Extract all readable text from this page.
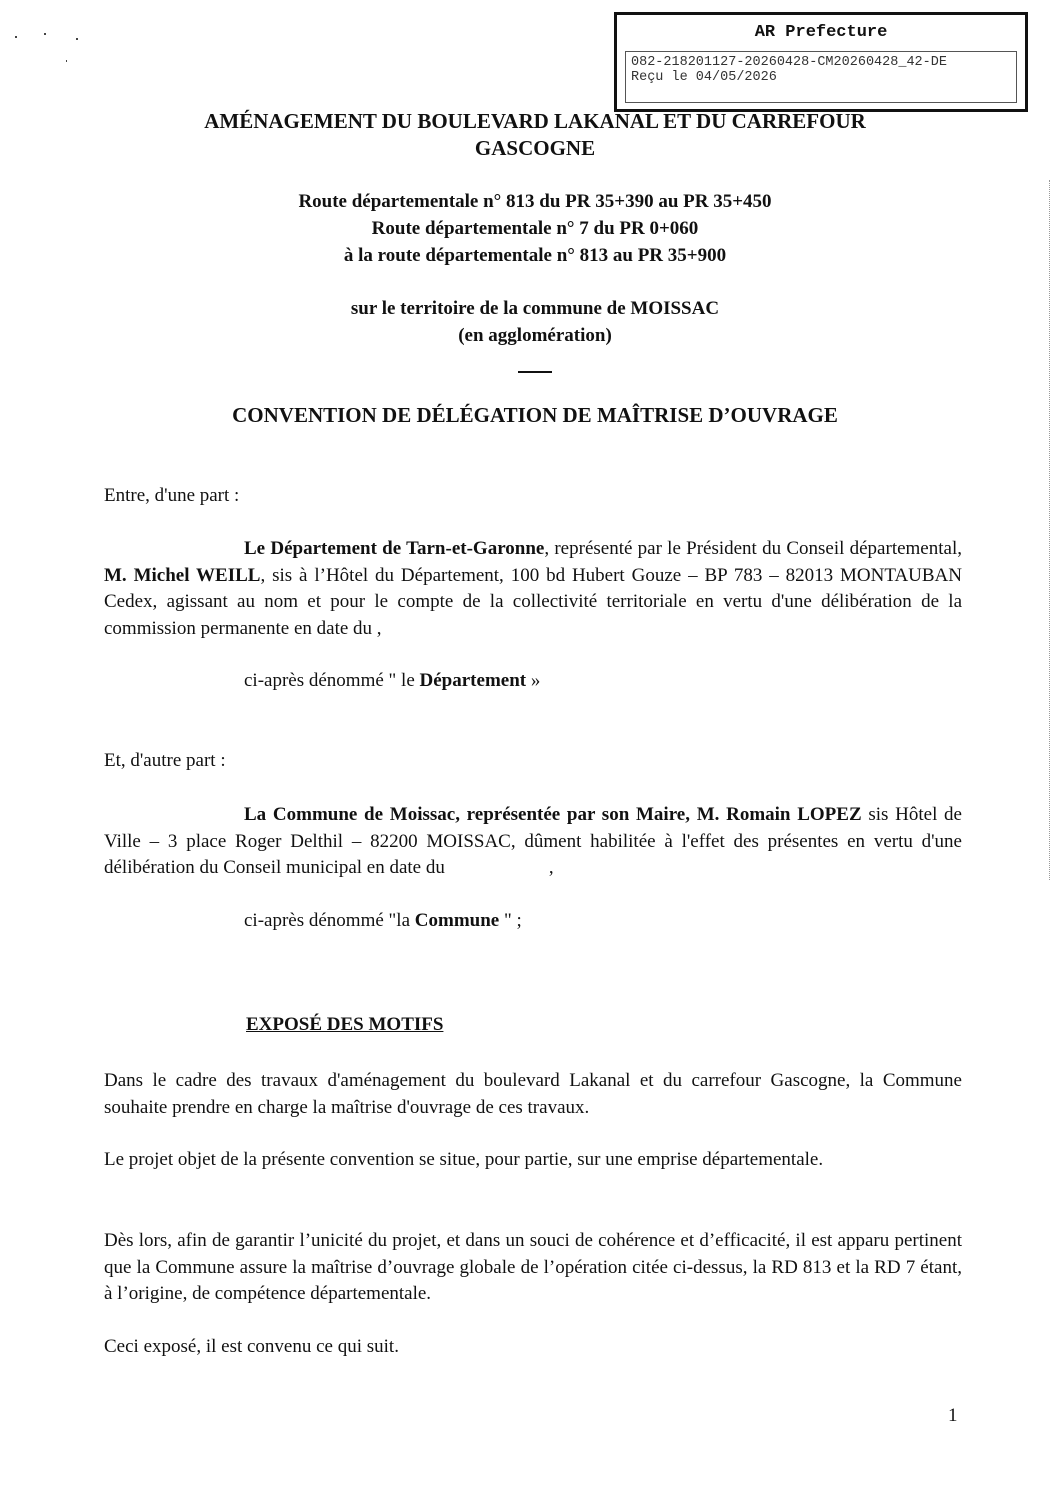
AR Prefecture
082-218201127-20260428-CM20260428_42-DE
Reçu le 04/05/2026

AMÉNAGEMENT DU BOULEVARD LAKANAL ET DU CARREFOUR

GASCOGNE

Route départementale n° 813 du PR 35+390 au PR 35+450

Route départementale n° 7 du PR 0+060

à la route départementale n° 813 au PR 35+900

sur le territoire de la commune de MOISSAC

(en agglomération)

CONVENTION DE DÉLÉGATION DE MAÎTRISE D’OUVRAGE

Entre, d'une part :

Le Département de Tarn-et-Garonne, représenté par le Président du Conseil départemental, M. Michel WEILL, sis à l’Hôtel du Département, 100 bd Hubert Gouze – BP 783 – 82013 MONTAUBAN Cedex, agissant au nom et pour le compte de la collectivité territoriale en vertu d'une délibération de la commission permanente en date du ,

ci-après dénommé " le Département »

Et, d'autre part :

La Commune de Moissac, représentée par son Maire, M. Romain LOPEZ sis Hôtel de Ville – 3 place Roger Delthil – 82200 MOISSAC, dûment habilitée à l'effet des présentes en vertu d'une délibération du Conseil municipal en date du	,

ci-après dénommé "la Commune " ;

EXPOSÉ DES MOTIFS

Dans le cadre des travaux d'aménagement du boulevard Lakanal et du carrefour Gascogne, la Commune souhaite prendre en charge la maîtrise d'ouvrage de ces travaux.

Le projet objet de la présente convention se situe, pour partie, sur une emprise départementale.

Dès lors, afin de garantir l’unicité du projet, et dans un souci de cohérence et d’efficacité, il est apparu pertinent que la Commune assure la maîtrise d’ouvrage globale de l’opération citée ci-dessus, la RD 813 et la RD 7 étant, à l’origine, de compétence départementale.

Ceci exposé, il est convenu ce qui suit.

1
